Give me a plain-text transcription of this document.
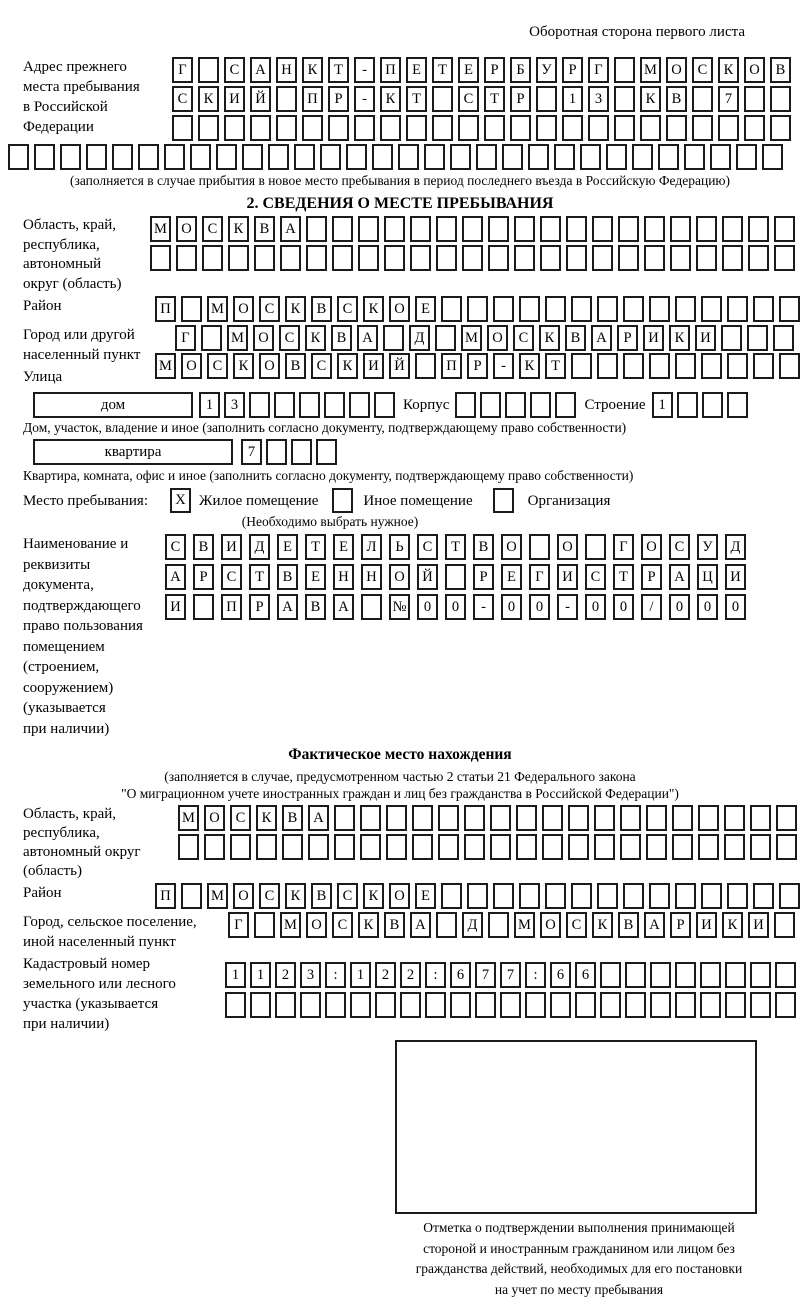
Оборотная сторона первого листа
Адрес прежнего
места пребывания
в Российской
Федерации
Г	С	А	Н	К	Т	-	П	Е	Т	Е	Р	Б	У	Р	Г	М О	С	К	О	В
С	К	И	Й	П	Р	-	К	Т	С	Т	Р	1	3	К	В	7
(заполняется в случае прибытия в новое место пребывания в период последнего въезда в Российскую Федерацию)
2. СВЕДЕНИЯ О МЕСТЕ ПРЕБЫВАНИЯ
Область, край,
республика,
автономный
округ (область)
М О	С	К	В	А
Район	П	М О	С	К	В	С	К	О	Е
Город или другой
населенный пункт
Г	М О	С	К	В	А	Д	М О	С	К	В	А	Р	И	К	И
Улица
М О	С	К	О	В	С	К	И	Й	П	Р	-	К	Т
дом	1	3	Корпус	Строение 1
Дом, участок, владение и иное (заполнить согласно документу, подтверждающему право собственности)
квартира	7
Квартира, комната, офис и иное (заполнить согласно документу, подтверждающему право собственности)
Место пребывания:	X Жилое помещение	Иное помещение	Организация
(Необходимо выбрать нужное)
Наименование и реквизиты
документа, подтверждающего
право пользования
помещением (строением,
сооружением) (указывается
при наличии)
С	В	И	Д	Е	Т	Е	Л	Ь	С	Т	В	О	О	Г	О	С	У	Д
А	Р	С	Т	В	Е	Н	Н	О	Й	Р	Е	Г	И	С	Т	Р	А	Ц	И
И	П	Р	А	В	А	№	0	0	-	0	0	-	0	0	/	0	0	0
Фактическое место нахождения
(заполняется в случае, предусмотренном частью 2 статьи 21 Федерального закона
"О миграционном учете иностранных граждан и лиц без гражданства в Российской Федерации")
Область, край,
республика,
автономный округ
(область)
М О	С	К	В	А
Район	П	М О	С	К	В	С	К	О	Е
Город, сельское поселение,
иной населенный пункт
Г	М О	С	К	В	А	Д	М О	С	К	В	А	Р	И	К	И
Кадастровый номер
земельного или лесного
участка (указывается
при наличии)
1	1	2	3	:	1	2	2	:	6	7	7	:	6	6
Отметка о подтверждении выполнения принимающей
стороной и иностранным гражданином или лицом без
гражданства действий, необходимых для его постановки
на учет по месту пребывания
